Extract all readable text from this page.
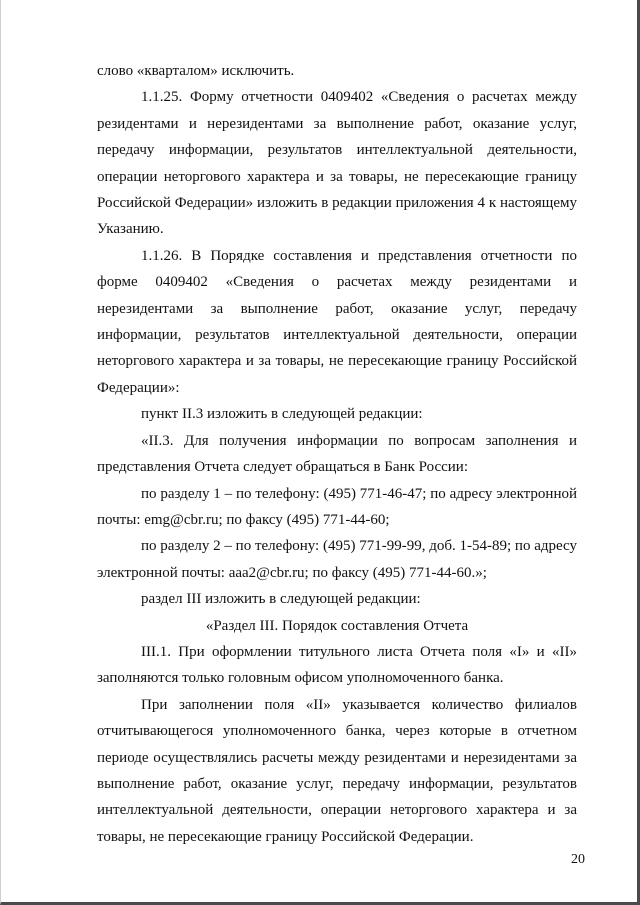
слово «кварталом» исключить.

1.1.25. Форму отчетности 0409402 «Сведения о расчетах между резидентами и нерезидентами за выполнение работ, оказание услуг, передачу информации, результатов интеллектуальной деятельности, операции неторгового характера и за товары, не пересекающие границу Российской Федерации» изложить в редакции приложения 4 к настоящему Указанию.

1.1.26. В Порядке составления и представления отчетности по форме 0409402 «Сведения о расчетах между резидентами и нерезидентами за выполнение работ, оказание услуг, передачу информации, результатов интеллектуальной деятельности, операции неторгового характера и за товары, не пересекающие границу Российской Федерации»:

пункт II.3 изложить в следующей редакции:

«II.3. Для получения информации по вопросам заполнения и представления Отчета следует обращаться в Банк России:

по разделу 1 – по телефону: (495) 771-46-47; по адресу электронной почты: emg@cbr.ru; по факсу (495) 771-44-60;

по разделу 2 – по телефону: (495) 771-99-99, доб. 1-54-89; по адресу электронной почты: aaa2@cbr.ru; по факсу (495) 771-44-60.»;

раздел III изложить в следующей редакции:

«Раздел III. Порядок составления Отчета

III.1. При оформлении титульного листа Отчета поля «I» и «II» заполняются только головным офисом уполномоченного банка.

При заполнении поля «II» указывается количество филиалов отчитывающегося уполномоченного банка, через которые в отчетном периоде осуществлялись расчеты между резидентами и нерезидентами за выполнение работ, оказание услуг, передачу информации, результатов интеллектуальной деятельности, операции неторгового характера и за товары, не пересекающие границу Российской Федерации.

20
